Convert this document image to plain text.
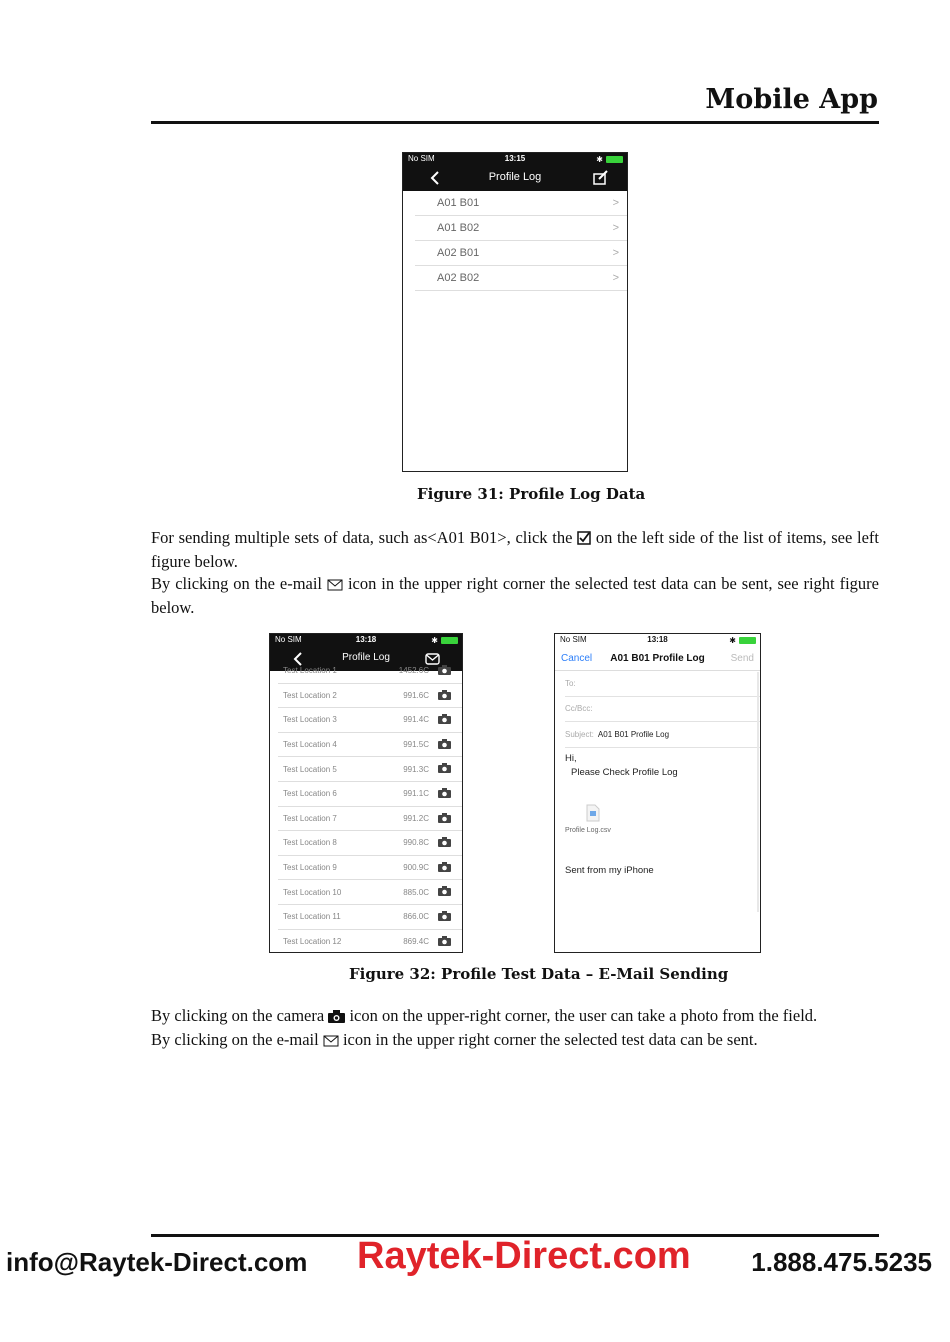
Mobile App
No SIM	13:15	✱
Profile Log
A01 B01	>
A01 B02	>
A02 B01	>
A02 B02	>
Figure 31: Profile Log Data

For sending multiple sets of data, such as<A01 B01>, click the  on the left side of the list of items, see left figure below.
By clicking on the e-mail  icon in the upper right corner the selected test data can be sent, see right figure below.

No SIM	13:18	✱
Profile Log
Test Location 1	1452.6C
Test Location 2	991.6C
Test Location 3	991.4C
Test Location 4	991.5C
Test Location 5	991.3C
Test Location 6	991.1C
Test Location 7	991.2C
Test Location 8	990.8C
Test Location 9	900.9C
Test Location 10	885.0C
Test Location 11	866.0C
Test Location 12	869.4C
No SIM	13:18	✱
Cancel	A01 B01 Profile Log	Send
To:
Cc/Bcc:
Subject: A01 B01 Profile Log
Hi,
Please Check Profile Log
Profile Log.csv
Sent from my iPhone
Figure 32: Profile Test Data – E-Mail Sending

By clicking on the camera  icon on the upper-right corner, the user can take a photo from the field.
By clicking on the e-mail  icon in the upper right corner the selected test data can be sent.

info@Raytek-Direct.com Raytek-Direct.com 1.888.475.5235
